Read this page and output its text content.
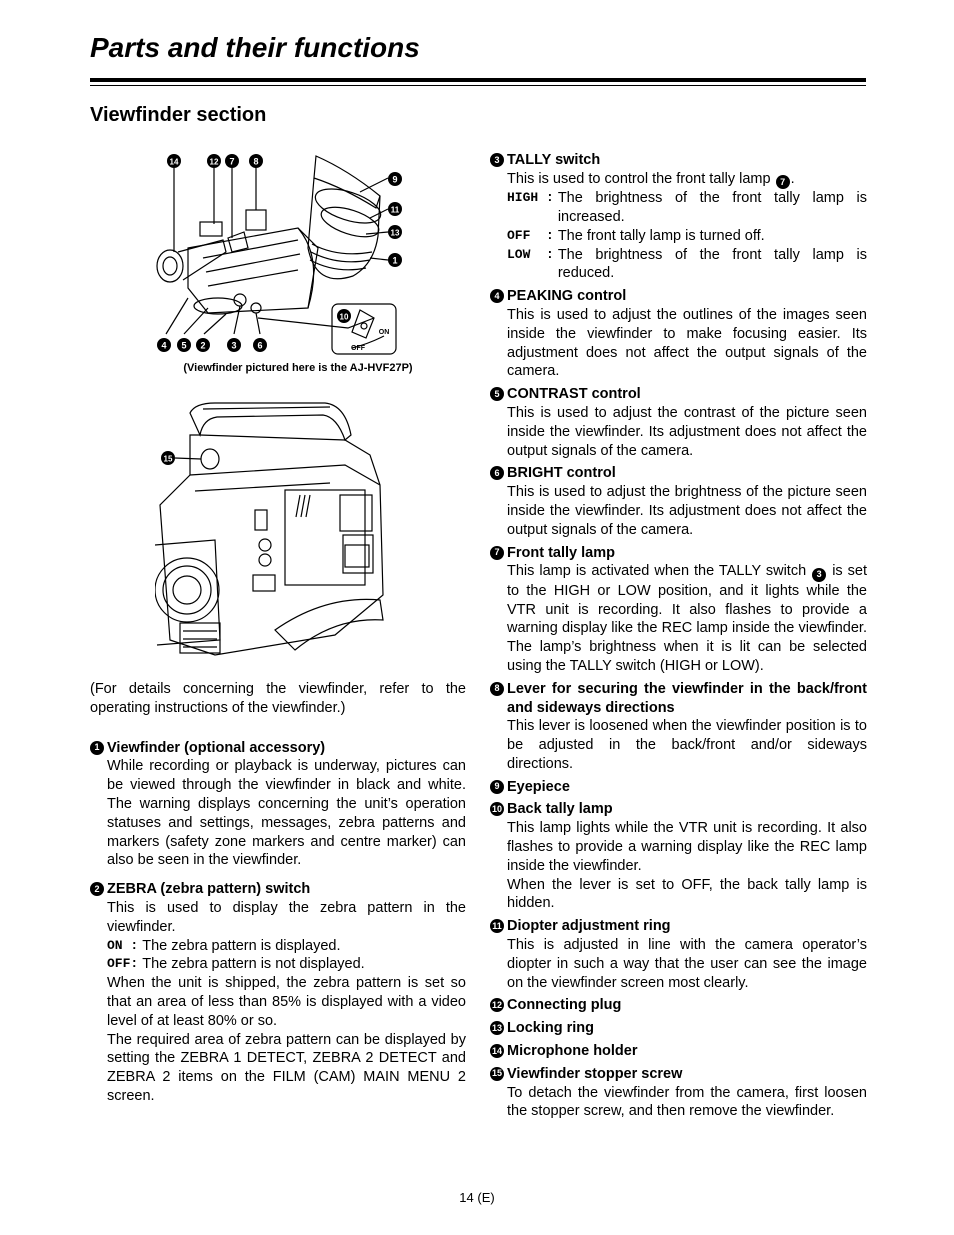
Parts and their functions
Viewfinder section
14	12 7 8
9
11
13
1
4 5 2	3 6
10
ON
OFF
(Viewfinder pictured here is the AJ-HVF27P)
15

(For details concerning the viewfinder, refer to the operating instructions of the viewfinder.)

1 Viewfinder (optional accessory)

While recording or playback is underway, pictures can be viewed through the viewfinder in black and white. The warning displays concerning the unit’s operation statuses and settings, messages, zebra patterns and markers (safety zone markers and centre marker) can also be seen in the viewfinder.

2 ZEBRA (zebra pattern) switch

This is used to display the zebra pattern in the viewfinder.

ON : The zebra pattern is displayed.
OFF: The zebra pattern is not displayed.

When the unit is shipped, the zebra pattern is set so that an area of less than 85% is displayed with a video level of at least 80% or so.

The required area of zebra pattern can be displayed by setting the ZEBRA 1 DETECT, ZEBRA 2 DETECT and ZEBRA 2 items on the FILM (CAM) MAIN MENU 2 screen.

3 TALLY switch

This is used to control the front tally lamp 7 .

HIGH : The brightness of the front tally lamp is increased.
OFF  : The front tally lamp is turned off.
LOW  : The brightness of the front tally lamp is reduced.
4 PEAKING control

This is used to adjust the outlines of the images seen inside the viewfinder to make focusing easier. Its adjustment does not affect the output signals of the camera.

5 CONTRAST control

This is used to adjust the contrast of the picture seen inside the viewfinder. Its adjustment does not affect the output signals of the camera.

6 BRIGHT control

This is used to adjust the brightness of the picture seen inside the viewfinder. Its adjustment does not affect the output signals of the camera.

7 Front tally lamp

This lamp is activated when the TALLY switch 3 is set to the HIGH or LOW position, and it lights while the VTR unit is recording. It also flashes to provide a warning display like the REC lamp inside the viewfinder. The lamp’s brightness when it is lit can be selected using the TALLY switch (HIGH or LOW).

8 Lever for securing the viewfinder in the back/front and sideways directions

This lever is loosened when the viewfinder position is to be adjusted in the back/front and/or sideways directions.

9 Eyepiece
10 Back tally lamp

This lamp lights while the VTR unit is recording. It also flashes to provide a warning display like the REC lamp inside the viewfinder.

When the lever is set to OFF, the back tally lamp is hidden.

11 Diopter adjustment ring

This is adjusted in line with the camera operator’s diopter in such a way that the user can see the image on the viewfinder screen most clearly.

12 Connecting plug
13 Locking ring
14 Microphone holder
15 Viewfinder stopper screw

To detach the viewfinder from the camera, first loosen the stopper screw, and then remove the viewfinder.

14 (E)
